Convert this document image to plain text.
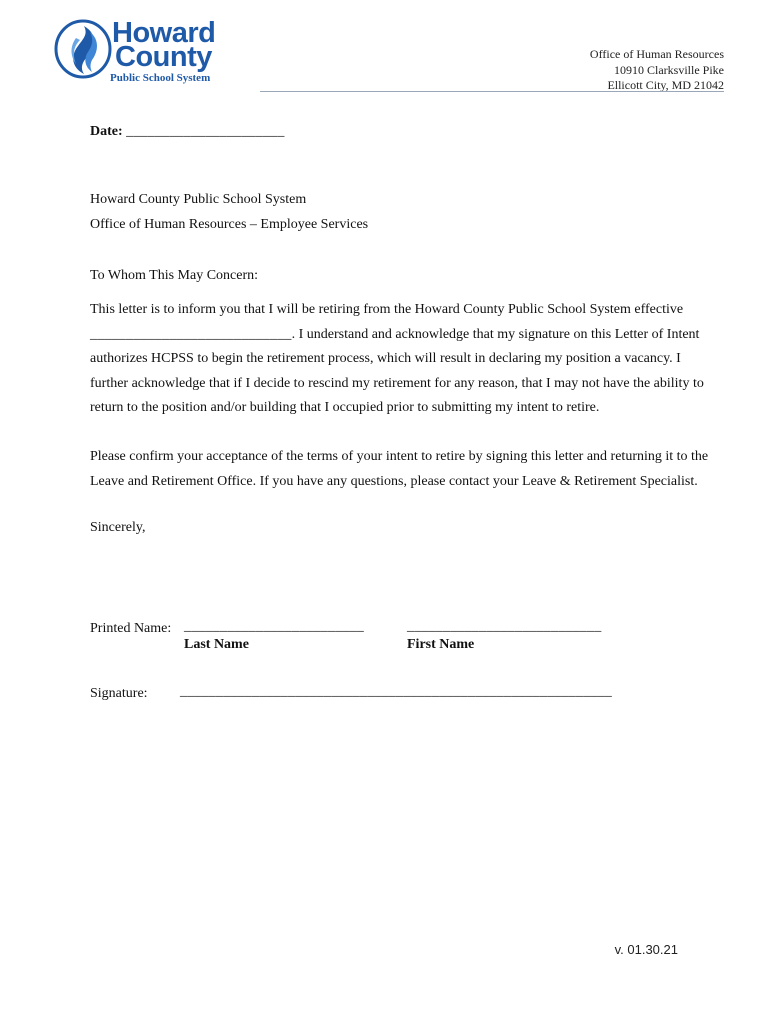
Howard
County
Public School System
Office of Human Resources
10910 Clarksville Pike
Ellicott City, MD 21042
Date: ______________________
Howard County Public School System
Office of Human Resources – Employee Services
To Whom This May Concern:
This letter is to inform you that I will be retiring from the Howard County Public School System effective ____________________________. I understand and acknowledge that my signature on this Letter of Intent authorizes HCPSS to begin the retirement process, which will result in declaring my position a vacancy. I further acknowledge that if I decide to rescind my retirement for any reason, that I may not have the ability to return to the position and/or building that I occupied prior to submitting my intent to retire.
Please confirm your acceptance of the terms of your intent to retire by signing this letter and returning it to the Leave and Retirement Office. If you have any questions, please contact your Leave & Retirement Specialist.
Sincerely,
Printed Name: _________________________
Last Name
___________________________
First Name
Signature: ____________________________________________________________
v. 01.30.21
